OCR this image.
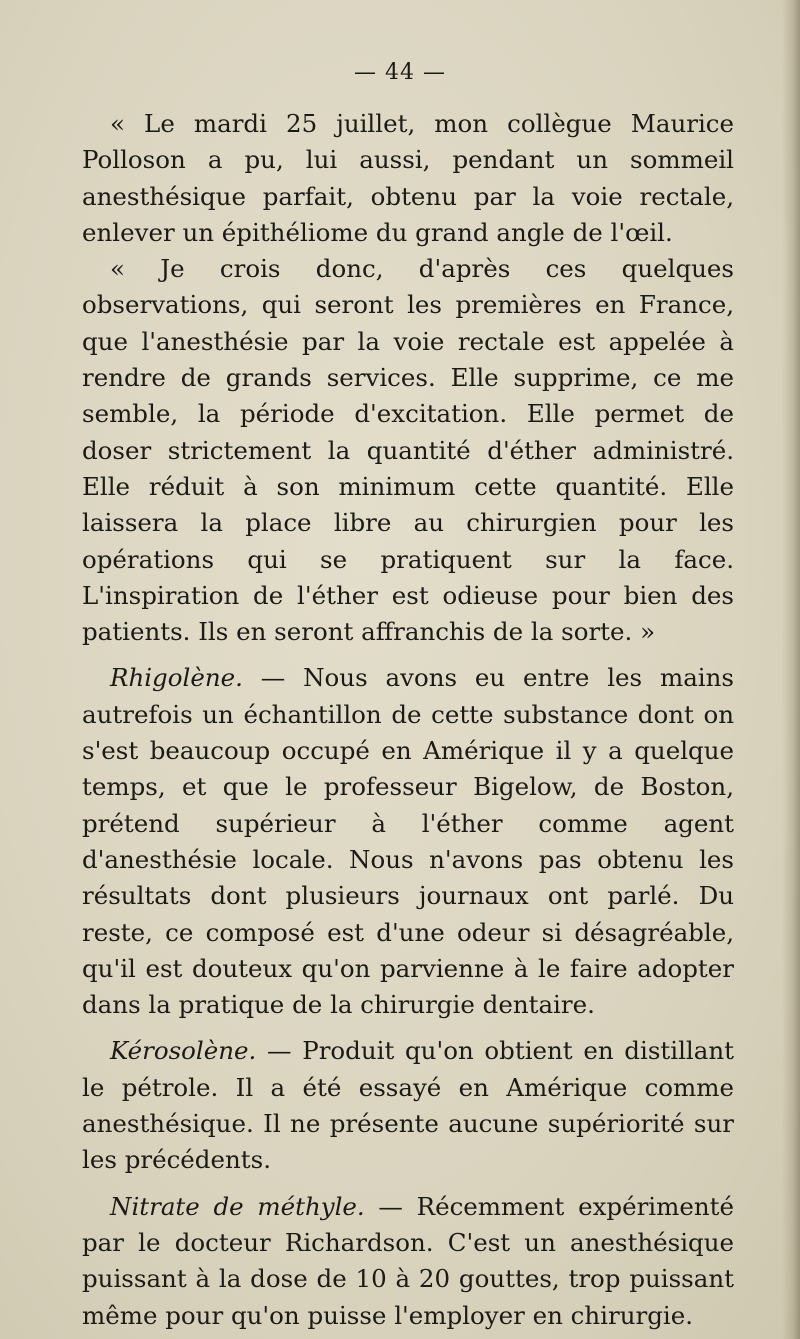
— 44 —

« Le mardi 25 juillet, mon collègue Maurice Polloson a pu, lui aussi, pendant un sommeil anesthésique parfait, obtenu par la voie rectale, enlever un épithéliome du grand angle de l'œil.

« Je crois donc, d'après ces quelques observations, qui seront les premières en France, que l'anesthésie par la voie rectale est appelée à rendre de grands services. Elle supprime, ce me semble, la période d'excitation. Elle permet de doser strictement la quantité d'éther administré. Elle réduit à son minimum cette quantité. Elle laissera la place libre au chirurgien pour les opérations qui se pratiquent sur la face. L'inspiration de l'éther est odieuse pour bien des patients. Ils en seront affranchis de la sorte. »

Rhigolène. — Nous avons eu entre les mains autrefois un échantillon de cette substance dont on s'est beaucoup occupé en Amérique il y a quelque temps, et que le professeur Bigelow, de Boston, prétend supérieur à l'éther comme agent d'anesthésie locale. Nous n'avons pas obtenu les résultats dont plusieurs journaux ont parlé. Du reste, ce composé est d'une odeur si désagréable, qu'il est douteux qu'on parvienne à le faire adopter dans la pratique de la chirurgie dentaire.

Kérosolène. — Produit qu'on obtient en distillant le pétrole. Il a été essayé en Amérique comme anesthésique. Il ne présente aucune supériorité sur les précédents.

Nitrate de méthyle. — Récemment expérimenté par le docteur Richardson. C'est un anesthésique puissant à la dose de 10 à 20 gouttes, trop puissant même pour qu'on puisse l'employer en chirurgie.
